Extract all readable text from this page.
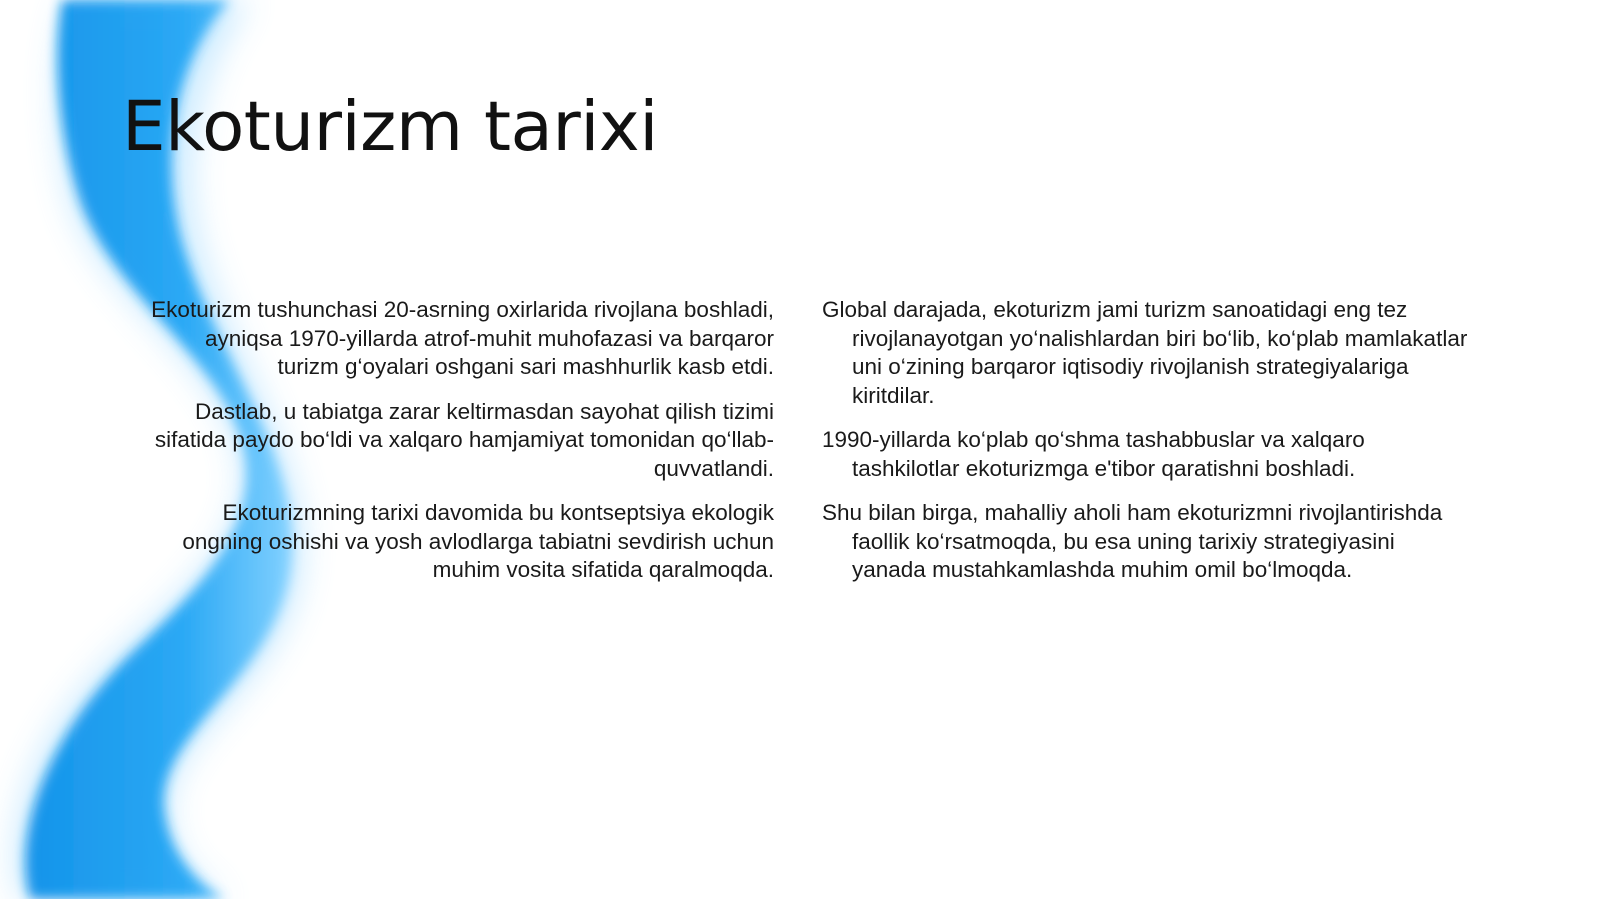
Ekoturizm tarixi

Ekoturizm tushunchasi 20-asrning oxirlarida rivojlana boshladi, ayniqsa 1970-yillarda atrof-muhit muhofazasi va barqaror turizm g‘oyalari oshgani sari mashhurlik kasb etdi.

Dastlab, u tabiatga zarar keltirmasdan sayohat qilish tizimi sifatida paydo bo‘ldi va xalqaro hamjamiyat tomonidan qo‘llab-quvvatlandi.

Ekoturizmning tarixi davomida bu kontseptsiya ekologik ongning oshishi va yosh avlodlarga tabiatni sevdirish uchun muhim vosita sifatida qaralmoqda.

Global darajada, ekoturizm jami turizm sanoatidagi eng tez rivojlanayotgan yo‘nalishlardan biri bo‘lib, ko‘plab mamlakatlar uni o‘zining barqaror iqtisodiy rivojlanish strategiyalariga kiritdilar.

1990-yillarda ko‘plab qo‘shma tashabbuslar va xalqaro tashkilotlar ekoturizmga e'tibor qaratishni boshladi.

Shu bilan birga, mahalliy aholi ham ekoturizmni rivojlantirishda faollik ko‘rsatmoqda, bu esa uning tarixiy strategiyasini yanada mustahkamlashda muhim omil bo‘lmoqda.
